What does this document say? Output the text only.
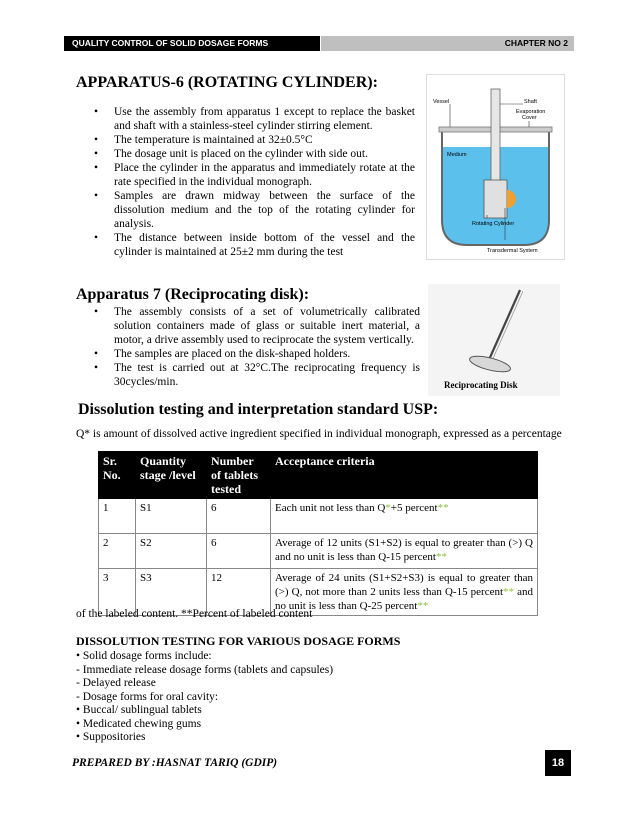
QUALITY CONTROL OF SOLID DOSAGE FORMS	CHAPTER NO 2
APPARATUS-6 (ROTATING CYLINDER):
• Use the assembly from apparatus 1 except to replace the basket and shaft with a stainless-steel cylinder stirring element.
• The temperature is maintained at 32±0.5°C
• The dosage unit is placed on the cylinder with side out.
• Place the cylinder in the apparatus and immediately rotate at the rate specified in the individual monograph.
• Samples are drawn midway between the surface of the dissolution medium and the top of the rotating cylinder for analysis.
• The distance between inside bottom of the vessel and the cylinder is maintained at 25±2 mm during the test
Vessel	Shaft
Evaporation Cover
Medium
Rotating Cylinder
Transdermal System
Apparatus 7 (Reciprocating disk):
• The assembly consists of a set of volumetrically calibrated solution containers made of glass or suitable inert material, a motor, a drive assembly used to reciprocate the system vertically.
• The samples are placed on the disk-shaped holders.
• The test is carried out at 32°C.The reciprocating frequency is 30cycles/min.	Reciprocating Disk
Dissolution testing and interpretation standard USP:
Q* is amount of dissolved active ingredient specified in individual monograph, expressed as a percentage
Sr. No.	Quantity stage /level	Number of tablets tested	Acceptance criteria
1	S1	6	Each unit not less than Q*+5 percent**
2	S2	6	Average of 12 units (S1+S2) is equal to greater than (>) Q and no unit is less than Q-15 percent**
3	S3	12	Average of 24 units (S1+S2+S3) is equal to greater than (>) Q, not more than 2 units less than Q-15 percent** and no unit is less than Q-25 percent**
of the labeled content. **Percent of labeled content
DISSOLUTION TESTING FOR VARIOUS DOSAGE FORMS
• Solid dosage forms include:
- Immediate release dosage forms (tablets and capsules)
- Delayed release
- Dosage forms for oral cavity:
• Buccal/ sublingual tablets
• Medicated chewing gums
• Suppositories
PREPARED BY :HASNAT TARIQ (GDIP)	18
